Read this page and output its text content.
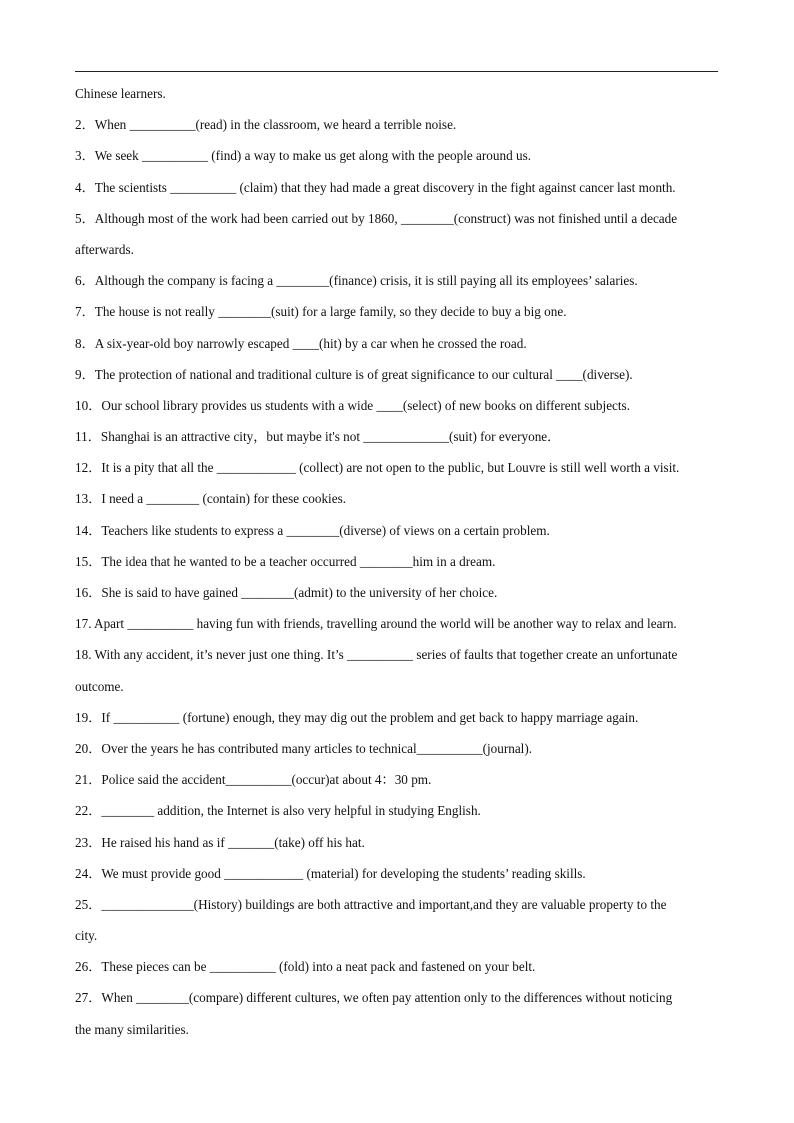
Chinese learners.

2．When __________(read) in the classroom, we heard a terrible noise.

3．We seek __________ (find) a way to make us get along with the people around us.

4．The scientists __________ (claim) that they had made a great discovery in the fight against cancer last month.

5．Although most of the work had been carried out by 1860, ________(construct) was not finished until a decade

afterwards.

6．Although the company is facing a ________(finance) crisis, it is still paying all its employees’ salaries.

7．The house is not really ________(suit) for a large family, so they decide to buy a big one.

8．A six-year-old boy narrowly escaped ____(hit) by a car when he crossed the road.

9．The protection of national and traditional culture is of great significance to our cultural ____(diverse).

10．Our school library provides us students with a wide ____(select) of new books on different subjects.

11．Shanghai is an attractive city，but maybe it's not _____________(suit) for everyone．

12．It is a pity that all the ____________ (collect) are not open to the public, but Louvre is still well worth a visit.

13．I need a ________ (contain) for these cookies.

14．Teachers like students to express a ________(diverse) of views on a certain problem.

15．The idea that he wanted to be a teacher occurred ________him in a dream.

16．She is said to have gained ________(admit) to the university of her choice.

17. Apart __________ having fun with friends, travelling around the world will be another way to relax and learn.

18. With any accident, it’s never just one thing. It’s __________ series of faults that together create an unfortunate

outcome.

19．If __________ (fortune) enough, they may dig out the problem and get back to happy marriage again.

20．Over the years he has contributed many articles to technical__________(journal).

21．Police said the accident__________(occur)at about 4：30 pm.

22．________ addition, the Internet is also very helpful in studying English.

23．He raised his hand as if _______(take) off his hat.

24．We must provide good ____________ (material) for developing the students’ reading skills.

25．______________(History) buildings are both attractive and important,and they are valuable property to the

city.

26．These pieces can be __________ (fold) into a neat pack and fastened on your belt.

27．When ________(compare) different cultures, we often pay attention only to the differences without noticing

the many similarities.
